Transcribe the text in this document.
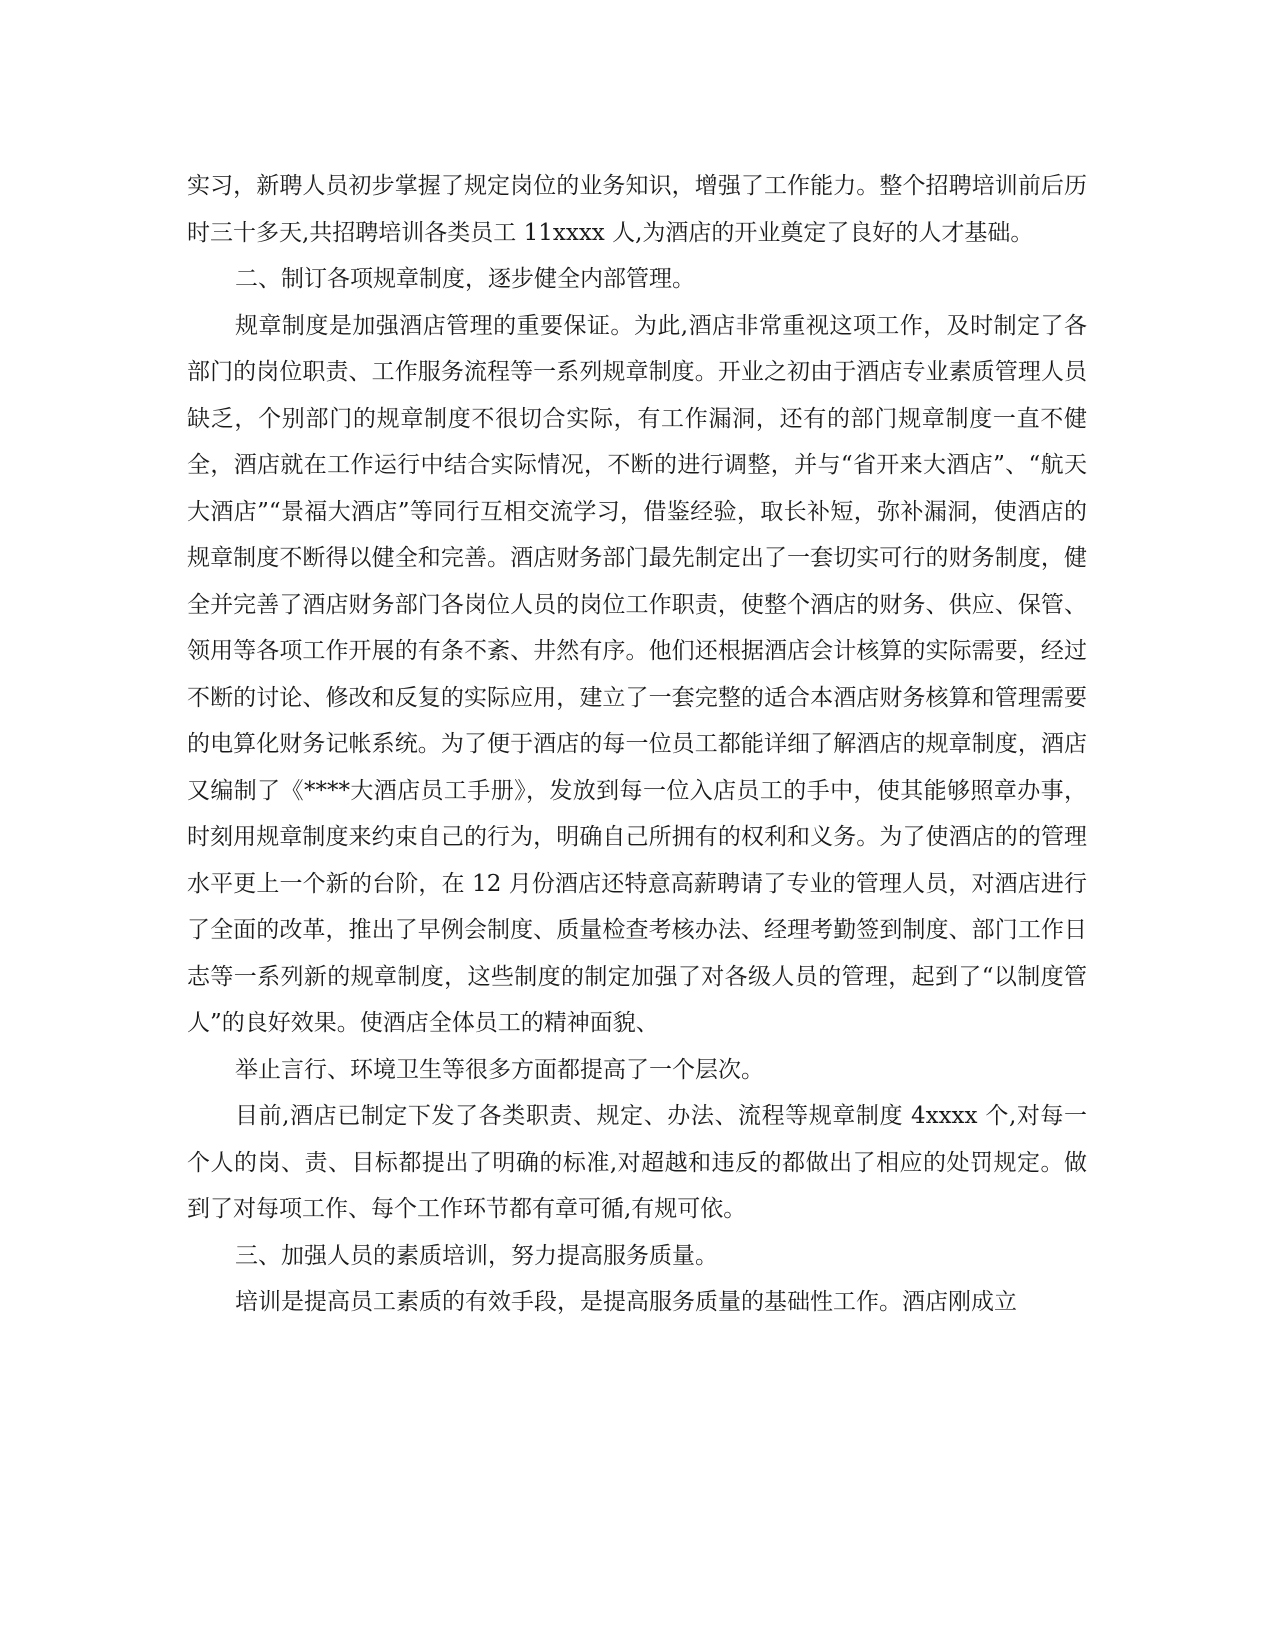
实习，新聘人员初步掌握了规定岗位的业务知识，增强了工作能力。整个招聘培训前后历时三十多天,共招聘培训各类员工 11xxxx 人,为酒店的开业奠定了良好的人才基础。

二、制订各项规章制度，逐步健全内部管理。

规章制度是加强酒店管理的重要保证。为此,酒店非常重视这项工作，及时制定了各部门的岗位职责、工作服务流程等一系列规章制度。开业之初由于酒店专业素质管理人员缺乏，个别部门的规章制度不很切合实际，有工作漏洞，还有的部门规章制度一直不健全，酒店就在工作运行中结合实际情况，不断的进行调整，并与“省开来大酒店”、“航天大酒店”“景福大酒店”等同行互相交流学习，借鉴经验，取长补短，弥补漏洞，使酒店的规章制度不断得以健全和完善。酒店财务部门最先制定出了一套切实可行的财务制度，健全并完善了酒店财务部门各岗位人员的岗位工作职责，使整个酒店的财务、供应、保管、领用等各项工作开展的有条不紊、井然有序。他们还根据酒店会计核算的实际需要，经过不断的讨论、修改和反复的实际应用，建立了一套完整的适合本酒店财务核算和管理需要的电算化财务记帐系统。为了便于酒店的每一位员工都能详细了解酒店的规章制度，酒店又编制了《****大酒店员工手册》，发放到每一位入店员工的手中，使其能够照章办事，时刻用规章制度来约束自己的行为，明确自己所拥有的权利和义务。为了使酒店的的管理水平更上一个新的台阶，在 12 月份酒店还特意高薪聘请了专业的管理人员，对酒店进行了全面的改革，推出了早例会制度、质量检查考核办法、经理考勤签到制度、部门工作日志等一系列新的规章制度，这些制度的制定加强了对各级人员的管理，起到了“以制度管人”的良好效果。使酒店全体员工的精神面貌、

举止言行、环境卫生等很多方面都提高了一个层次。

目前,酒店已制定下发了各类职责、规定、办法、流程等规章制度 4xxxx 个,对每一个人的岗、责、目标都提出了明确的标准,对超越和违反的都做出了相应的处罚规定。做到了对每项工作、每个工作环节都有章可循,有规可依。

三、加强人员的素质培训，努力提高服务质量。

培训是提高员工素质的有效手段，是提高服务质量的基础性工作。酒店刚成立
